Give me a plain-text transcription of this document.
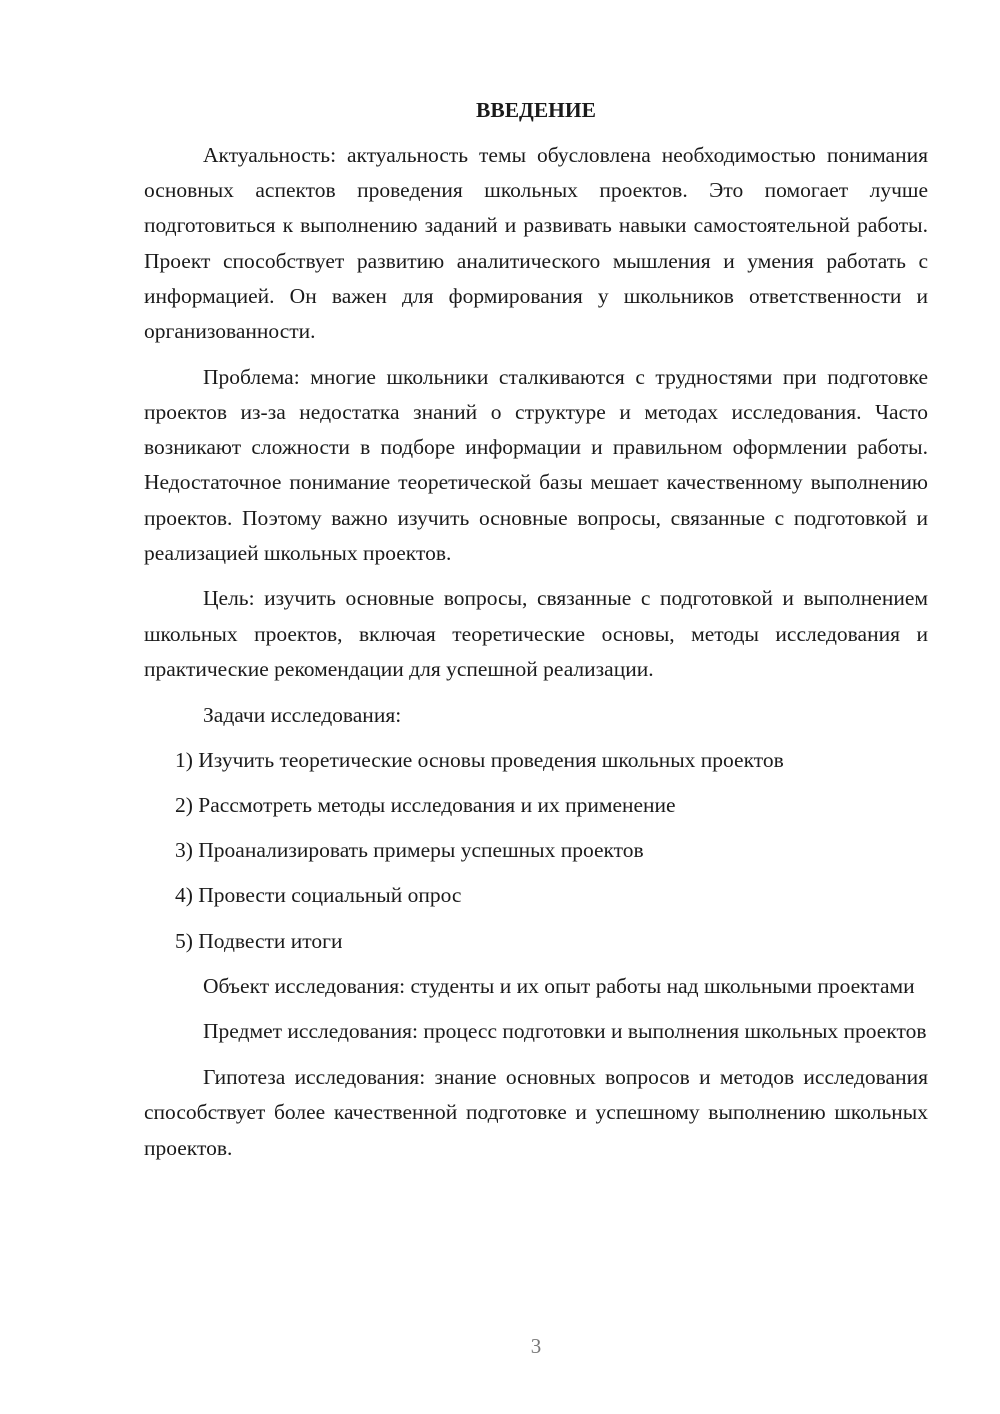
ВВЕДЕНИЕ

Актуальность: актуальность темы обусловлена необходимостью понимания основных аспектов проведения школьных проектов. Это помогает лучше подготовиться к выполнению заданий и развивать навыки самостоятельной работы. Проект способствует развитию аналитического мышления и умения работать с информацией. Он важен для формирования у школьников ответственности и организованности.

Проблема: многие школьники сталкиваются с трудностями при подготовке проектов из-за недостатка знаний о структуре и методах исследования. Часто возникают сложности в подборе информации и правильном оформлении работы. Недостаточное понимание теоретической базы мешает качественному выполнению проектов. Поэтому важно изучить основные вопросы, связанные с подготовкой и реализацией школьных проектов.

Цель: изучить основные вопросы, связанные с подготовкой и выполнением школьных проектов, включая теоретические основы, методы исследования и практические рекомендации для успешной реализации.

Задачи исследования:

1) Изучить теоретические основы проведения школьных проектов

2) Рассмотреть методы исследования и их применение

3) Проанализировать примеры успешных проектов

4) Провести социальный опрос

5) Подвести итоги

Объект исследования: студенты и их опыт работы над школьными проектами

Предмет исследования: процесс подготовки и выполнения школьных проектов

Гипотеза исследования: знание основных вопросов и методов исследования способствует более качественной подготовке и успешному выполнению школьных проектов.

3
